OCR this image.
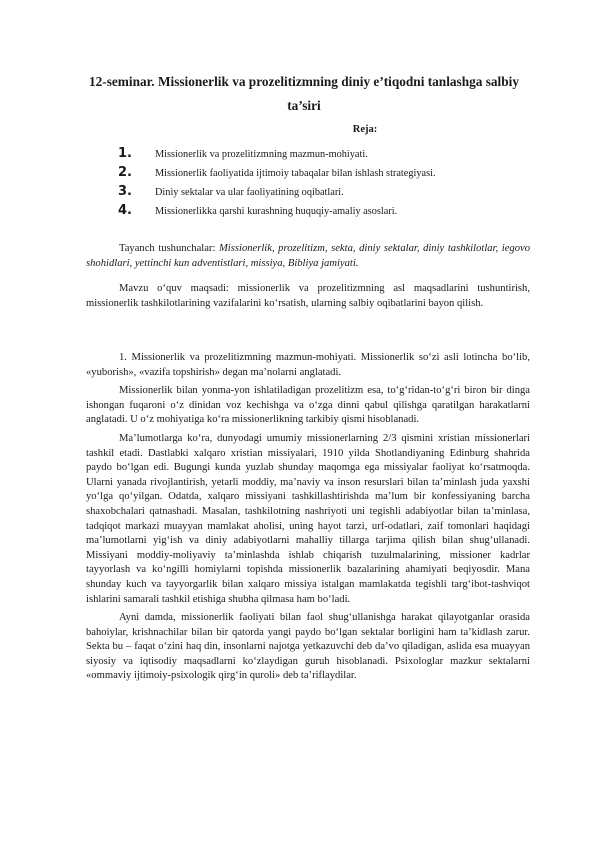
12-seminar. Missionerlik va prozelitizmning diniy e’tiqodni tanlashga salbiy ta’siri
Reja:
1.	Missionerlik va prozelitizmning mazmun-mohiyati.
2.	Missionerlik faoliyatida ijtimoiy tabaqalar bilan ishlash strategiyasi.
3.	Diniy sektalar va ular faoliyatining oqibatlari.
4.	Missionerlikka qarshi kurashning huquqiy-amaliy asoslari.

Tayanch tushunchalar: Missionerlik, prozelitizm, sekta, diniy sektalar, diniy tashkilotlar, iegovo shohidlari, yettinchi kun adventistlari, missiya, Bibliya jamiyati.

Mavzu o‘quv maqsadi: missionerlik va prozelitizmning asl maqsadlarini tushuntirish, missionerlik tashkilotlarining vazifalarini ko‘rsatish, ularning salbiy oqibatlarini bayon qilish.

1. Missionerlik va prozelitizmning mazmun-mohiyati. Missionerlik so‘zi asli lotincha bo‘lib, «yuborish», «vazifa topshirish» degan ma’nolarni anglatadi.

Missionerlik bilan yonma-yon ishlatiladigan prozelitizm esa, to‘g‘ridan-to‘g‘ri biron bir dinga ishongan fuqaroni o‘z dinidan voz kechishga va o‘zga dinni qabul qilishga qaratilgan harakatlarni anglatadi. U o‘z mohiyatiga ko‘ra missionerlikning tarkibiy qismi hisoblanadi.

Ma’lumotlarga ko‘ra, dunyodagi umumiy missionerlarning 2/3 qismini xristian missionerlari tashkil etadi. Dastlabki xalqaro xristian missiyalari, 1910 yilda Shotlandiyaning Edinburg shahrida paydo bo‘lgan edi. Bugungi kunda yuzlab shunday maqomga ega missiyalar faoliyat ko‘rsatmoqda. Ularni yanada rivojlantirish, yetarli moddiy, ma’naviy va inson resurslari bilan ta’minlash juda yaxshi yo‘lga qo‘yilgan. Odatda, xalqaro missiyani tashkillashtirishda ma’lum bir konfessiyaning barcha shaxobchalari qatnashadi. Masalan, tashkilotning nashriyoti uni tegishli adabiyotlar bilan ta’minlasa, tadqiqot markazi muayyan mamlakat aholisi, uning hayot tarzi, urf-odatlari, zaif tomonlari haqidagi ma’lumotlarni yig‘ish va diniy adabiyotlarni mahalliy tillarga tarjima qilish bilan shug‘ullanadi. Missiyani moddiy-moliyaviy ta’minlashda ishlab chiqarish tuzulmalarining, missioner kadrlar tayyorlash va ko‘ngilli homiylarni topishda missionerlik bazalarining ahamiyati beqiyosdir. Mana shunday kuch va tayyorgarlik bilan xalqaro missiya istalgan mamlakatda tegishli targ‘ibot-tashviqot ishlarini samarali tashkil etishiga shubha qilmasa ham bo‘ladi.

Ayni damda, missionerlik faoliyati bilan faol shug‘ullanishga harakat qilayotganlar orasida bahoiylar, krishnachilar bilan bir qatorda yangi paydo bo‘lgan sektalar borligini ham ta’kidlash zarur. Sekta bu – faqat o‘zini haq din, insonlarni najotga yetkazuvchi deb da’vo qiladigan, aslida esa muayyan siyosiy va iqtisodiy maqsadlarni ko‘zlaydigan guruh hisoblanadi. Psixologlar mazkur sektalarni «ommaviy ijtimoiy-psixologik qirg‘in quroli» deb ta’riflaydilar.
